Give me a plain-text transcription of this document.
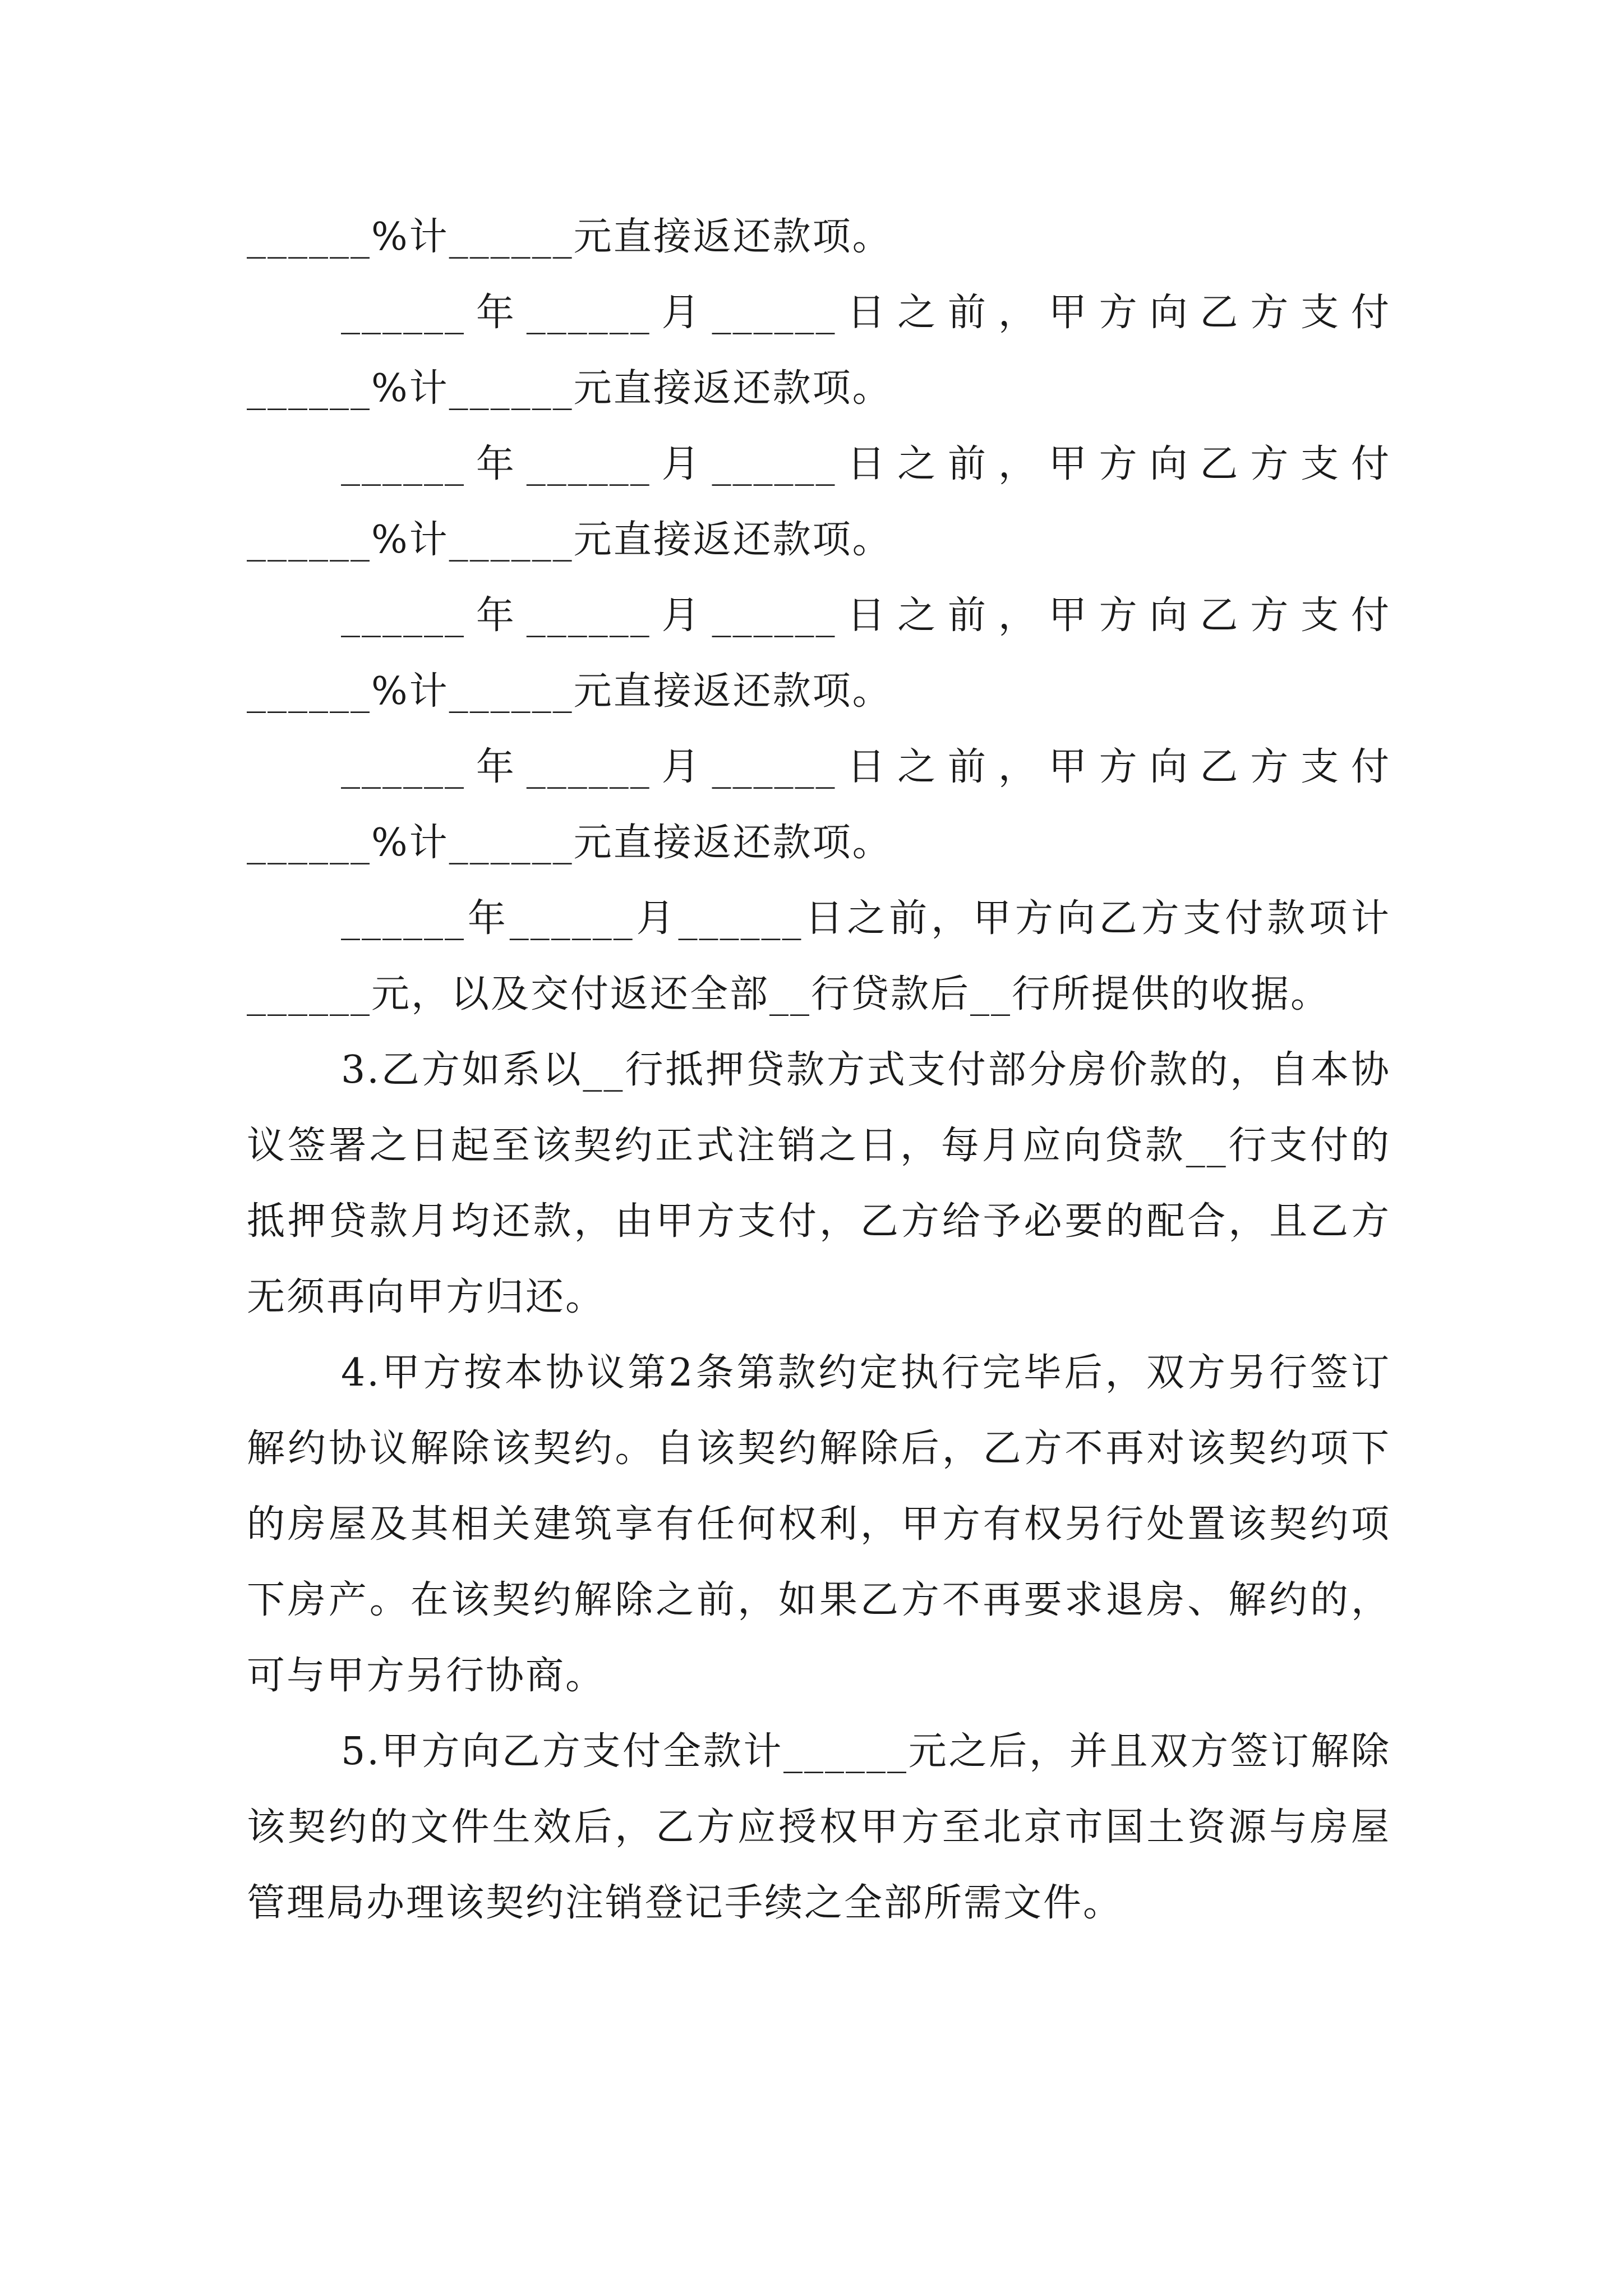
______%计______元直接返还款项。

______年______月______日之前，甲方向乙方支付______%计______元直接返还款项。

______年______月______日之前，甲方向乙方支付______%计______元直接返还款项。

______年______月______日之前，甲方向乙方支付______%计______元直接返还款项。

______年______月______日之前，甲方向乙方支付______%计______元直接返还款项。

______年______月______日之前，甲方向乙方支付款项计______元，以及交付返还全部__行贷款后__行所提供的收据。

3.乙方如系以__行抵押贷款方式支付部分房价款的，自本协议签署之日起至该契约正式注销之日，每月应向贷款__行支付的抵押贷款月均还款，由甲方支付，乙方给予必要的配合，且乙方无须再向甲方归还。

4.甲方按本协议第2条第款约定执行完毕后，双方另行签订解约协议解除该契约。自该契约解除后，乙方不再对该契约项下的房屋及其相关建筑享有任何权利，甲方有权另行处置该契约项下房产。在该契约解除之前，如果乙方不再要求退房、解约的，可与甲方另行协商。

5.甲方向乙方支付全款计______元之后，并且双方签订解除该契约的文件生效后，乙方应授权甲方至北京市国土资源与房屋管理局办理该契约注销登记手续之全部所需文件。
